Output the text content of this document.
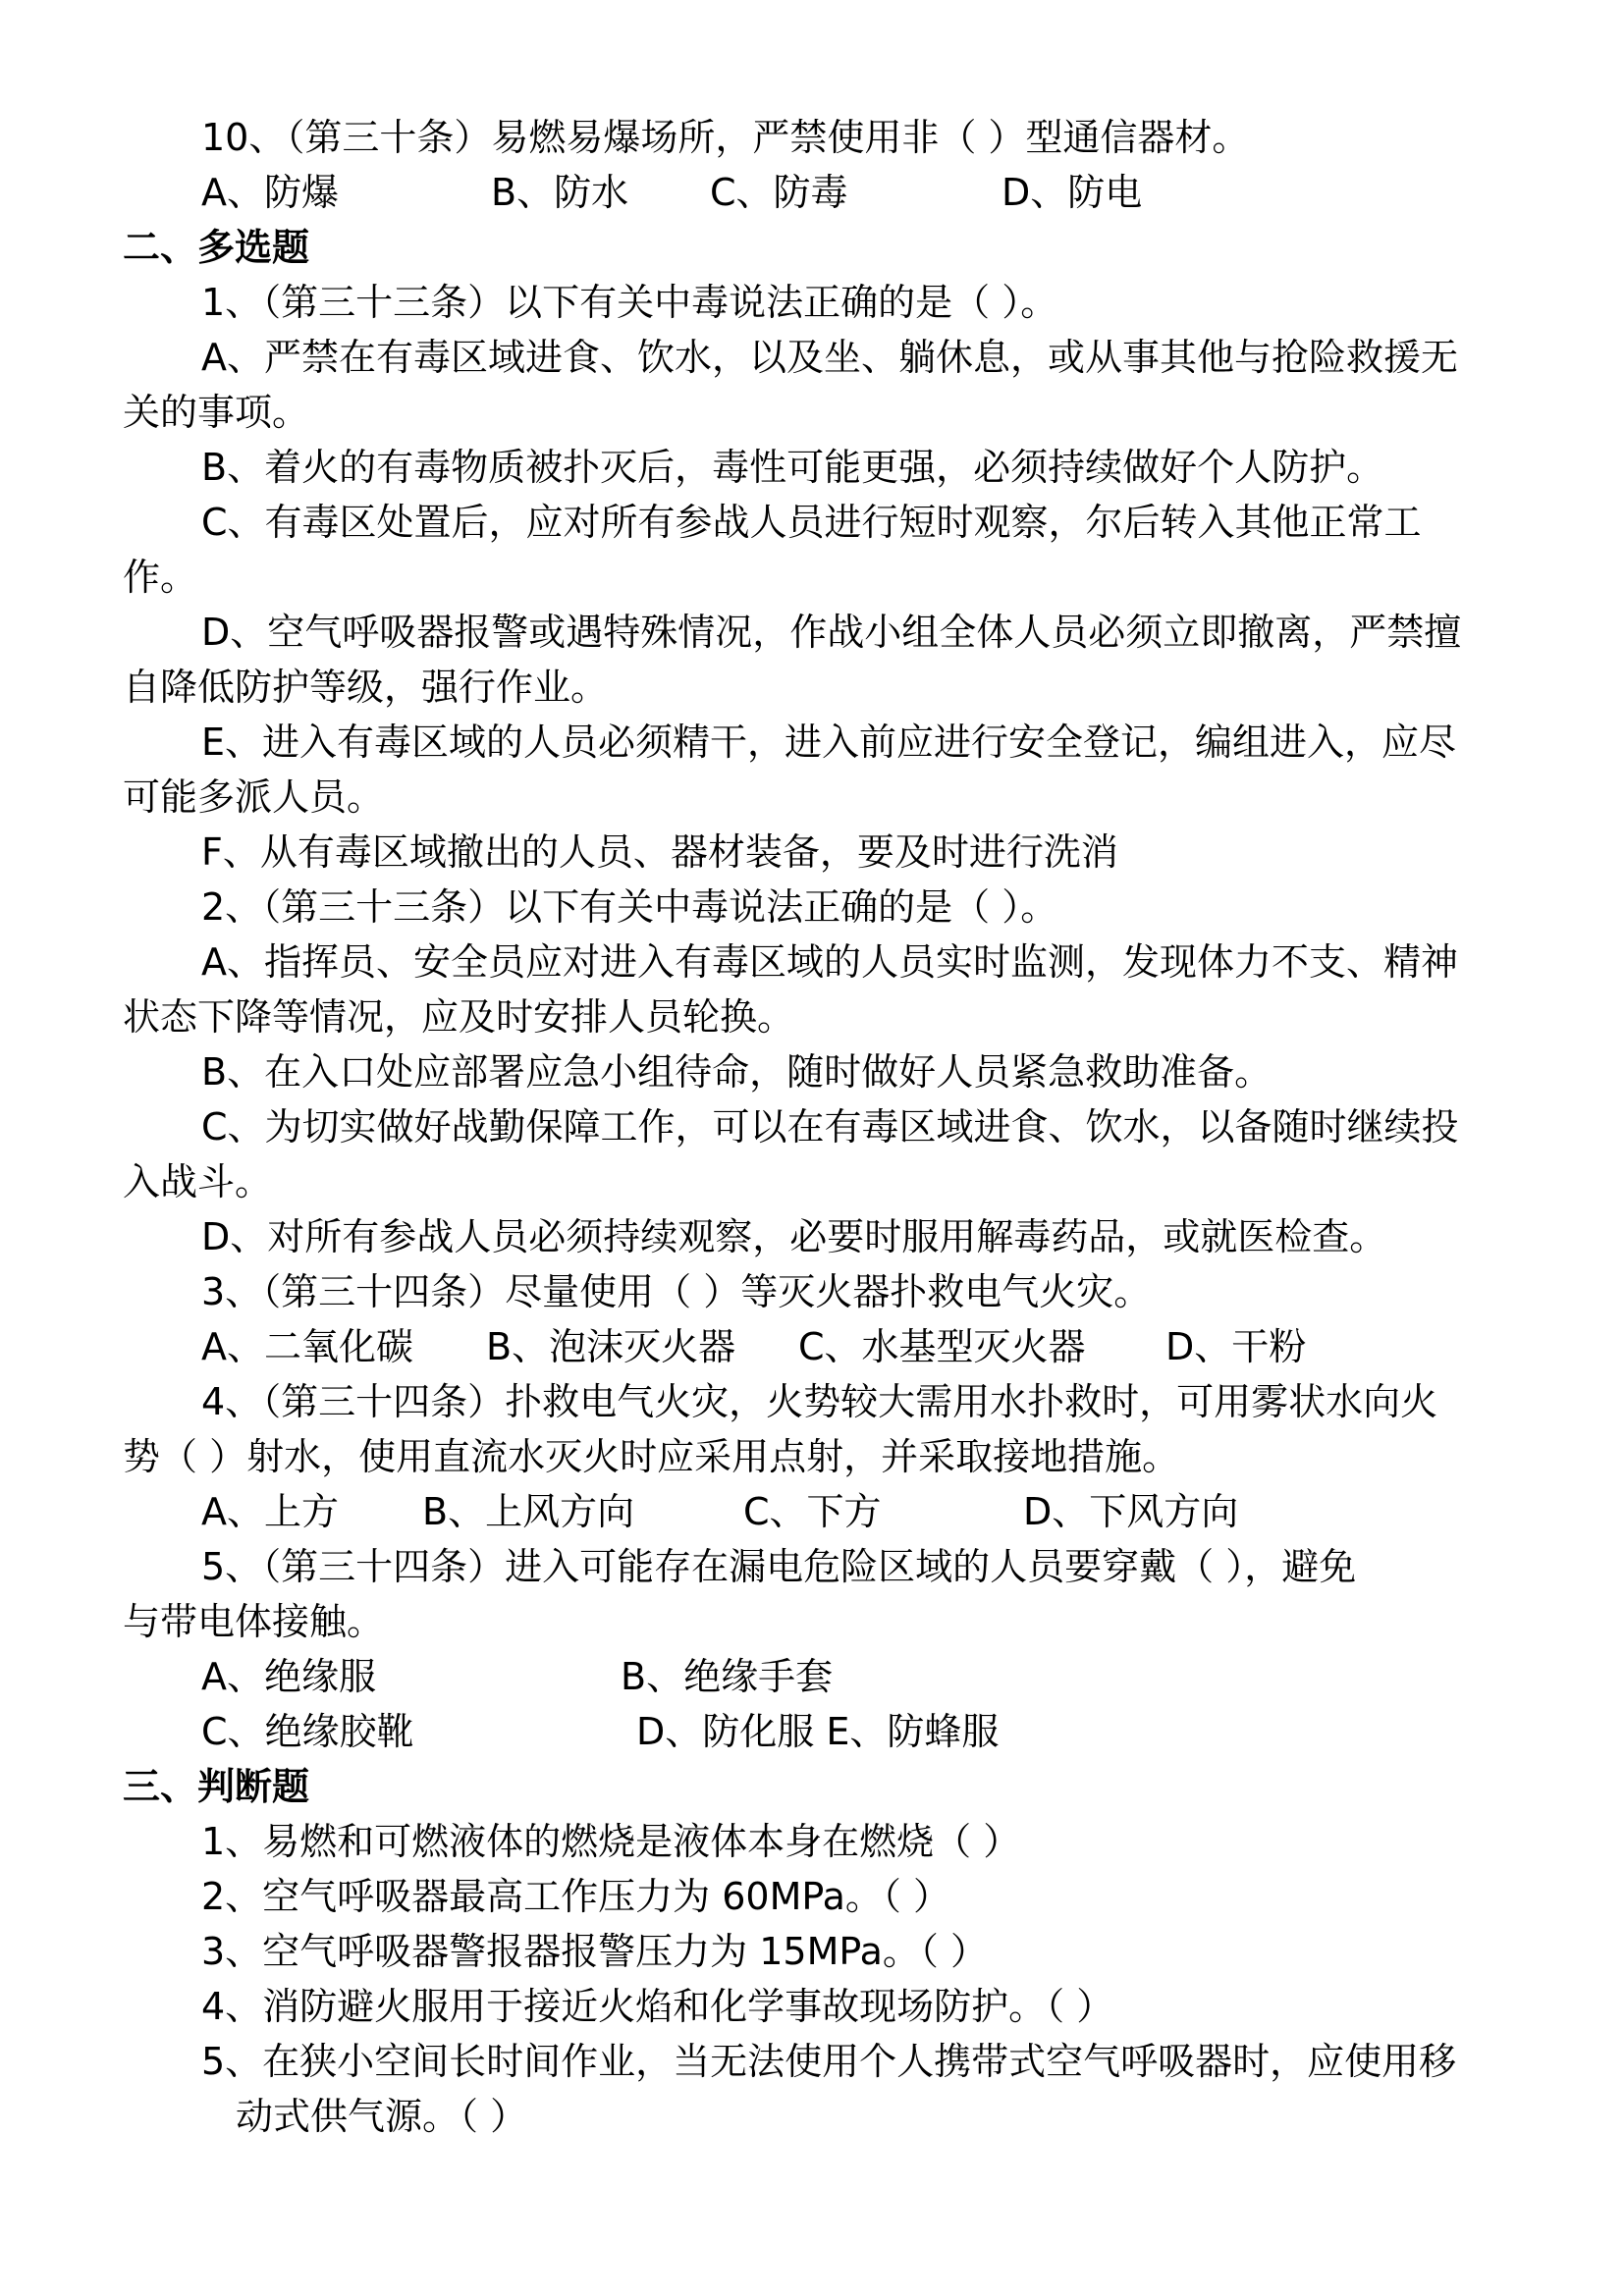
10、（第三十条）易燃易爆场所，严禁使用非（ ）型通信器材。
A、防爆	B、防水 C、防毒	D、防电
二、多选题
1、（第三十三条）以下有关中毒说法正确的是（ ）。
A、严禁在有毒区域进食、饮水，以及坐、躺休息，或从事其他与抢险救援无
关的事项。
B、着火的有毒物质被扑灭后，毒性可能更强，必须持续做好个人防护。
C、有毒区处置后，应对所有参战人员进行短时观察，尔后转入其他正常工
作。
D、空气呼吸器报警或遇特殊情况，作战小组全体人员必须立即撤离，严禁擅
自降低防护等级，强行作业。
E、进入有毒区域的人员必须精干，进入前应进行安全登记，编组进入，应尽
可能多派人员。
F、从有毒区域撤出的人员、器材装备，要及时进行洗消
2、（第三十三条）以下有关中毒说法正确的是（ ）。
A、指挥员、安全员应对进入有毒区域的人员实时监测，发现体力不支、精神
状态下降等情况，应及时安排人员轮换。
B、在入口处应部署应急小组待命，随时做好人员紧急救助准备。
C、为切实做好战勤保障工作，可以在有毒区域进食、饮水，以备随时继续投
入战斗。
D、对所有参战人员必须持续观察，必要时服用解毒药品，或就医检查。
3、（第三十四条）尽量使用（ ）等灭火器扑救电气火灾。
A、二氧化碳 B、泡沫灭火器 C、水基型灭火器 D、干粉
4、（第三十四条）扑救电气火灾，火势较大需用水扑救时，可用雾状水向火
势（ ）射水，使用直流水灭火时应采用点射，并采取接地措施。
A、上方 B、上风方向	C、下方	D、下风方向
5、（第三十四条）进入可能存在漏电危险区域的人员要穿戴（ ），避免
与带电体接触。
A、绝缘服	B、绝缘手套
C、绝缘胶靴	D、防化服 E、防蜂服
三、判断题
1、易燃和可燃液体的燃烧是液体本身在燃烧（ ）
2、空气呼吸器最高工作压力为 60MPa。（ ）
3、空气呼吸器警报器报警压力为 15MPa。（ ）
4、消防避火服用于接近火焰和化学事故现场防护。（ ）
5、在狭小空间长时间作业，当无法使用个人携带式空气呼吸器时，应使用移
动式供气源。（ ）
